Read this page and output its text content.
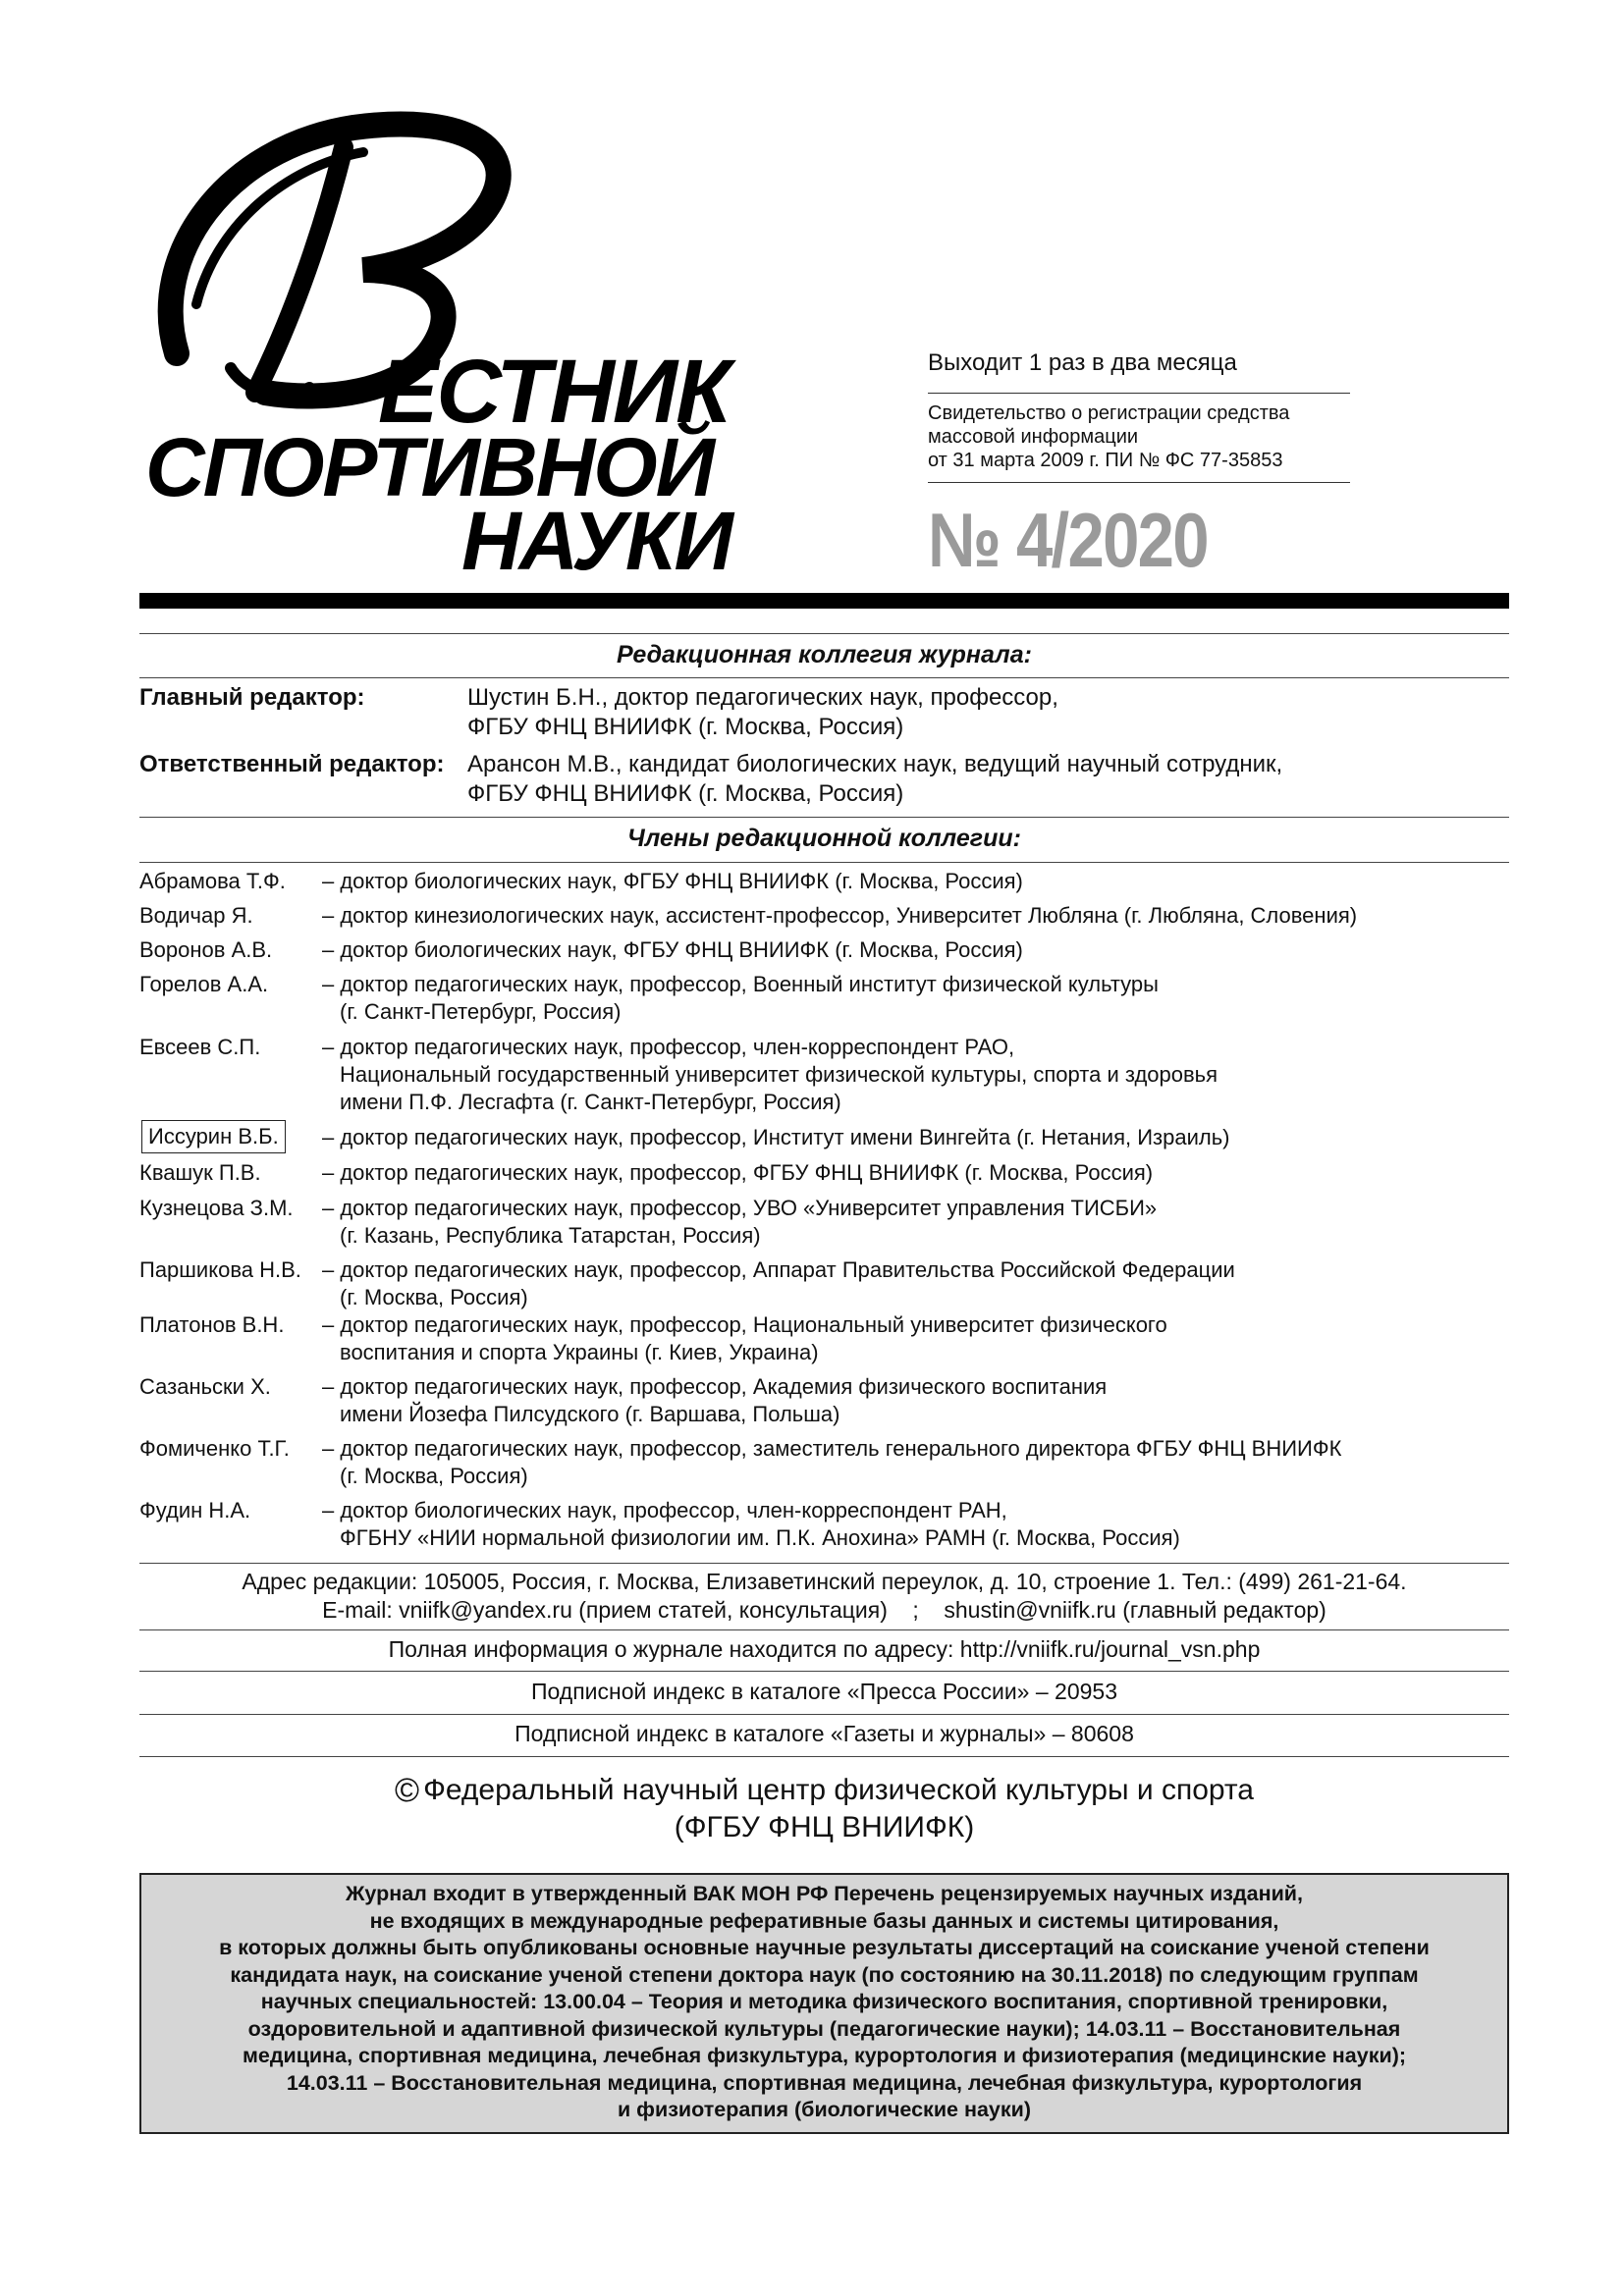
ЕСТНИК
СПОРТИВНОЙ
НАУКИ
Выходит 1 раз в два месяца
Свидетельство о регистрации средства
массовой информации
от 31 марта 2009 г. ПИ № ФС 77-35853
№ 4/2020
Редакционная коллегия журнала:
Главный редактор:	Шустин Б.Н., доктор педагогических наук, профессор,
ФГБУ ФНЦ ВНИИФК (г. Москва, Россия)
Ответственный редактор: Арансон М.В., кандидат биологических наук, ведущий научный сотрудник,
ФГБУ ФНЦ ВНИИФК (г. Москва, Россия)
Члены редакционной коллегии:
Абрамова Т.Ф. – доктор биологических наук, ФГБУ ФНЦ ВНИИФК (г. Москва, Россия)
Водичар Я.	– доктор кинезиологических наук, ассистент-профессор, Университет Любляна (г. Любляна, Словения)
Воронов А.В. – доктор биологических наук, ФГБУ ФНЦ ВНИИФК (г. Москва, Россия)
Горелов А.А. – доктор педагогических наук, профессор, Военный институт физической культуры
(г. Санкт-Петербург, Россия)
Евсеев С.П.	– доктор педагогических наук, профессор, член-корреспондент РАО,
Национальный государственный университет физической культуры, спорта и здоровья
имени П.Ф. Лесгафта (г. Санкт-Петербург, Россия)
Иссурин В.Б.	– доктор педагогических наук, профессор, Институт имени Вингейта (г. Нетания, Израиль)
Квашук П.В.	– доктор педагогических наук, профессор, ФГБУ ФНЦ ВНИИФК (г. Москва, Россия)
Кузнецова З.М. – доктор педагогических наук, профессор, УВО «Университет управления ТИСБИ»
(г. Казань, Республика Татарстан, Россия)
Паршикова Н.В. – доктор педагогических наук, профессор, Аппарат Правительства Российской Федерации
(г. Москва, Россия)
Платонов В.Н. – доктор педагогических наук, профессор, Национальный университет физического
воспитания и спорта Украины (г. Киев, Украина)
Сазаньски Х. – доктор педагогических наук, профессор, Академия физического воспитания
имени Йозефа Пилсудского (г. Варшава, Польша)
Фомиченко Т.Г. – доктор педагогических наук, профессор, заместитель генерального директора ФГБУ ФНЦ ВНИИФК
(г. Москва, Россия)
Фудин Н.А.	– доктор биологических наук, профессор, член-корреспондент РАН,
ФГБНУ «НИИ нормальной физиологии им. П.К. Анохина» РАМН (г. Москва, Россия)
Адрес редакции: 105005, Россия, г. Москва, Елизаветинский переулок, д. 10, строение 1. Тел.: (499) 261-21-64.
E-mail: vniifk@yandex.ru (прием статей, консультация)    ;    shustin@vniifk.ru (главный редактор)
Полная информация о журнале находится по адресу: http://vniifk.ru/journal_vsn.php
Подписной индекс в каталоге «Пресса России» – 20953
Подписной индекс в каталоге «Газеты и журналы» – 80608
© Федеральный научный центр физической культуры и спорта
(ФГБУ ФНЦ ВНИИФК)
Журнал входит в утвержденный ВАК МОН РФ Перечень рецензируемых научных изданий,
не входящих в международные реферативные базы данных и системы цитирования,
в которых должны быть опубликованы основные научные результаты диссертаций на соискание ученой степени
кандидата наук, на соискание ученой степени доктора наук (по состоянию на 30.11.2018) по следующим группам
научных специальностей: 13.00.04 – Теория и методика физического воспитания, спортивной тренировки,
оздоровительной и адаптивной физической культуры (педагогические науки); 14.03.11 – Восстановительная
медицина, спортивная медицина, лечебная физкультура, курортология и физиотерапия (медицинские науки);
14.03.11 – Восстановительная медицина, спортивная медицина, лечебная физкультура, курортология
и физиотерапия (биологические науки)
